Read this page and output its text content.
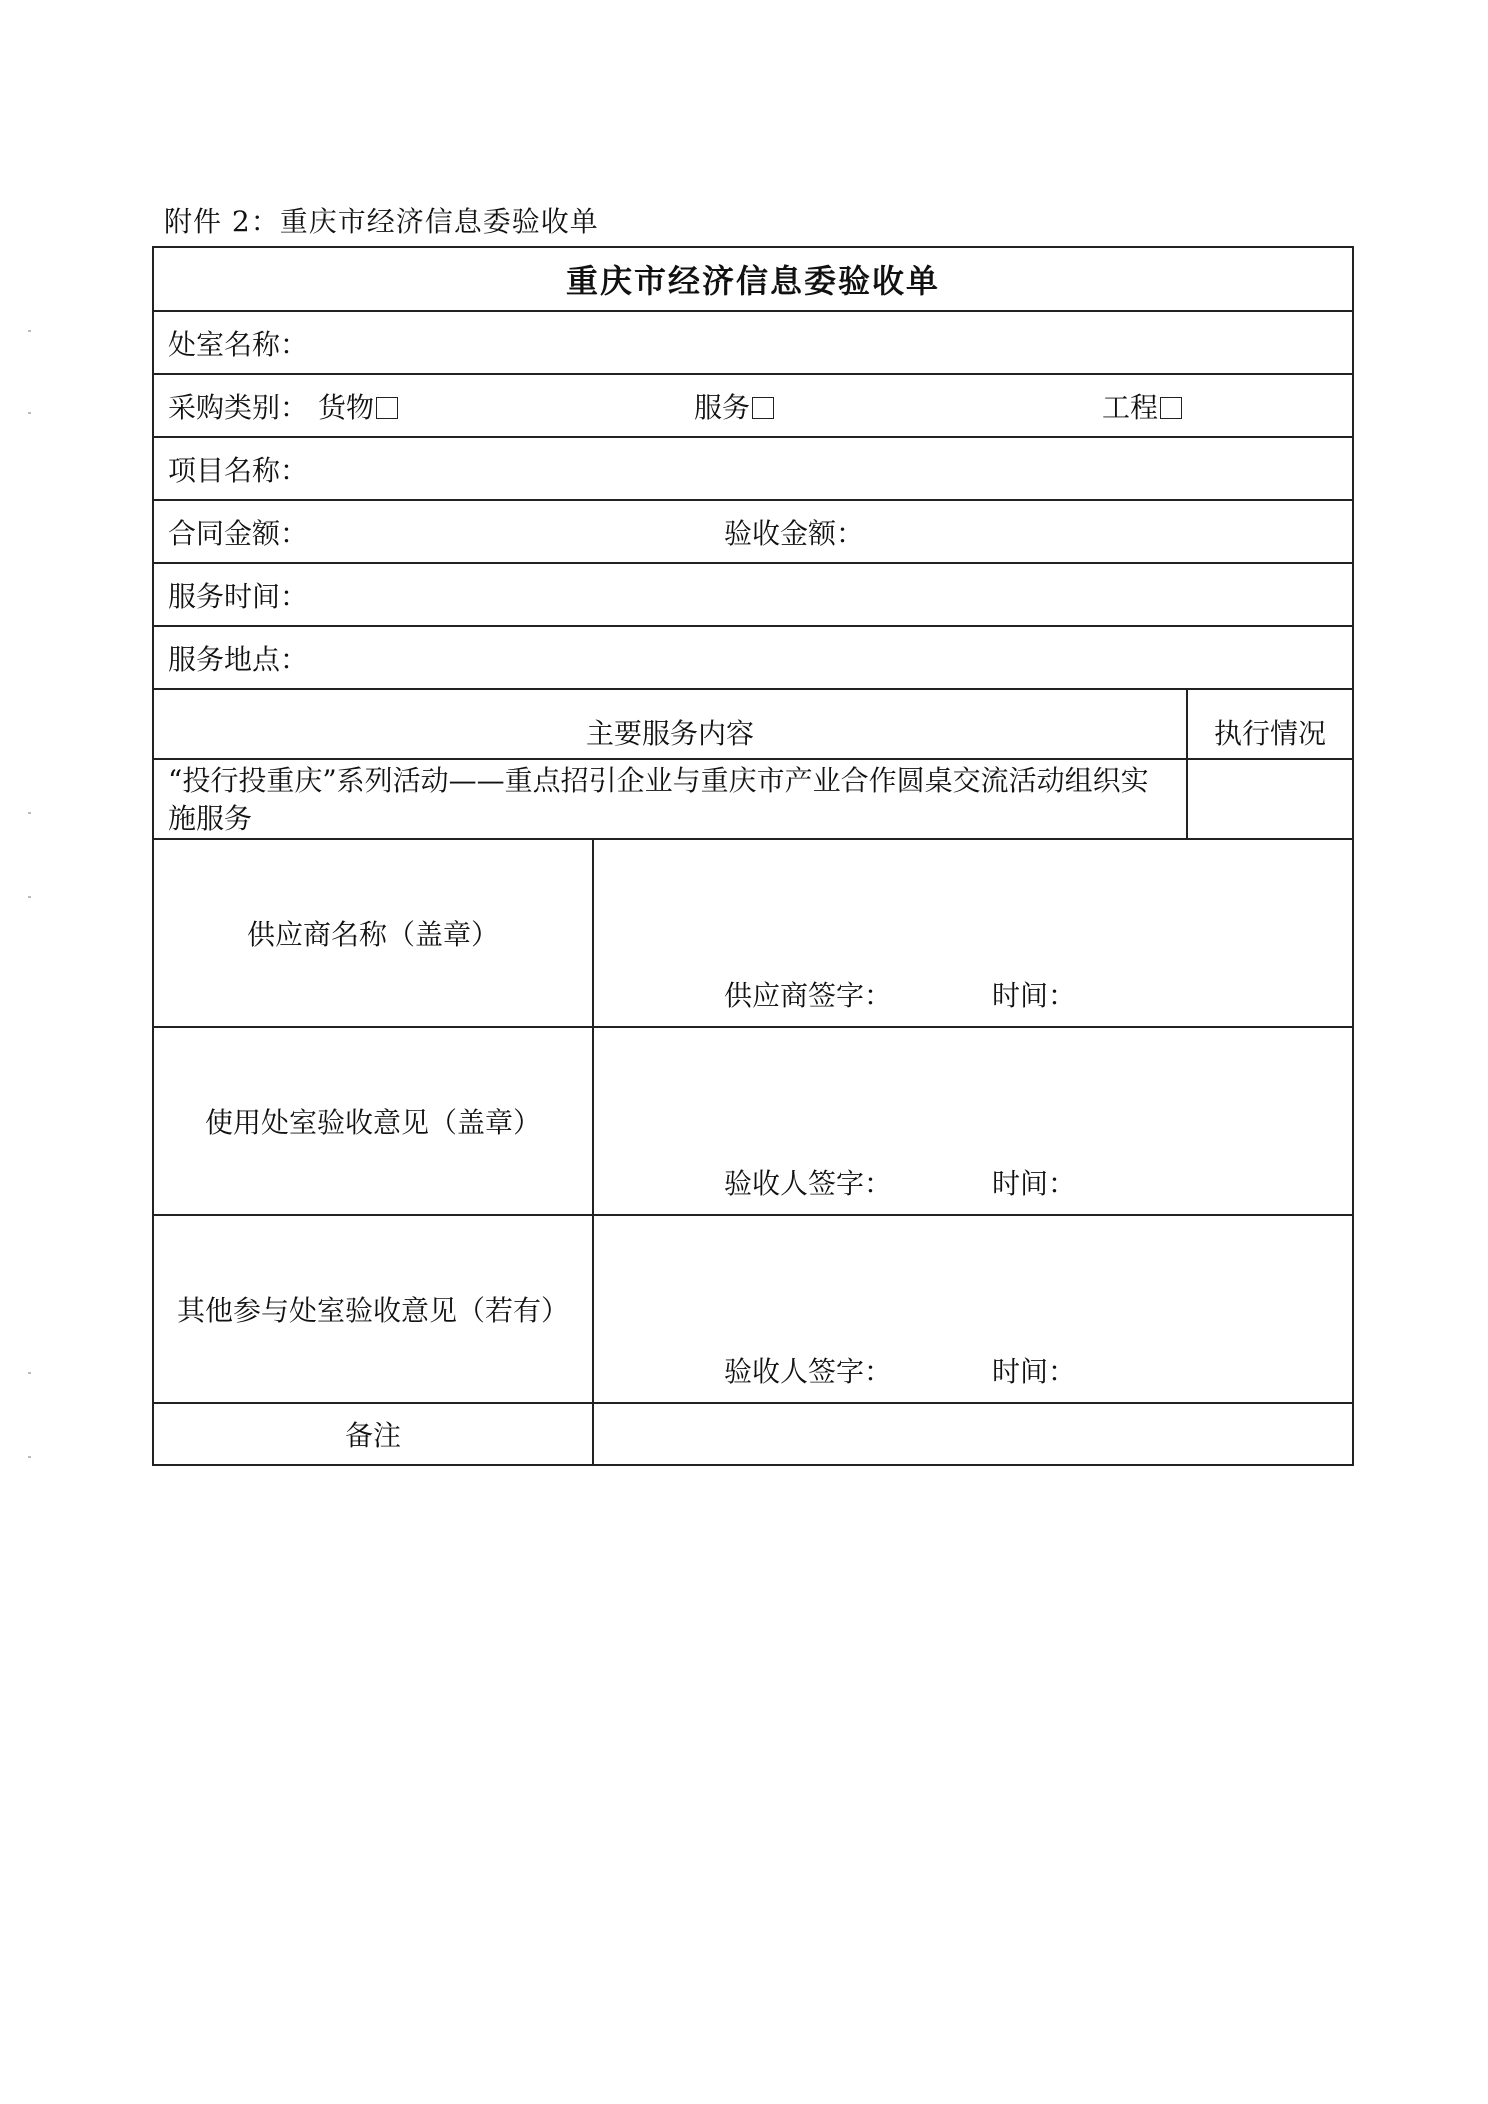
附件 2：重庆市经济信息委验收单
重庆市经济信息委验收单		
处室名称：		

采购类别： 货物 服务 工程		

项目名称：		

合同金额： 验收金额：		

服务时间：		
服务地点：		
主要服务内容		执行情况
“投行投重庆”系列活动——重点招引企业与重庆市产业合作圆桌交流活动组织实施服务		
供应商名称（盖章）	供应商签字： 时间：	

使用处室验收意见（盖章）	验收人签字： 时间：	

其他参与处室验收意见（若有）	验收人签字： 时间：	

备注		
